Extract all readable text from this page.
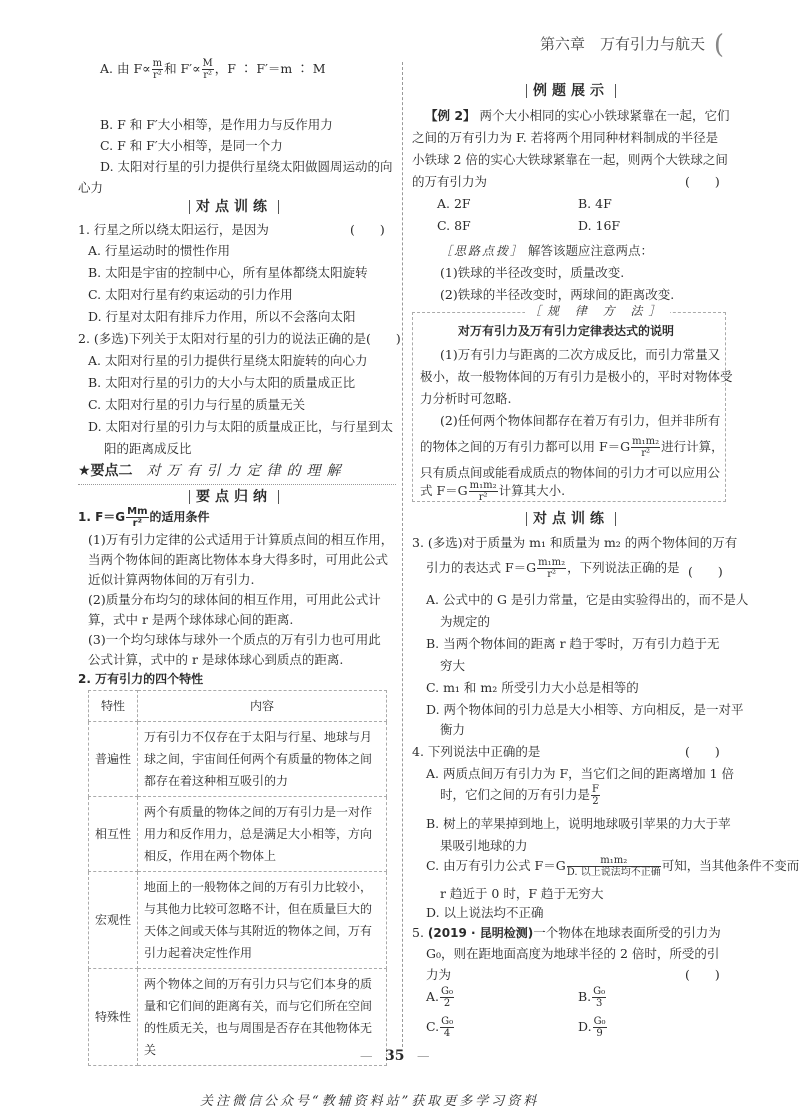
第六章　 万有引力与航天 (
A. 由 $F\propto \frac{m}{\text{r²}}$ 和 $F'\propto \frac{M}{\text{r²}}$ ，F ∶ F′＝m ∶ M
B. F 和 F′大小相等，是作用力与反作用力
C. F 和 F′大小相等，是同一个力
D. 太阳对行星的引力提供行星绕太阳做圆周运动的向
心力
对点训练
1. 行星之所以绕太阳运行，是因为	(　　)
A. 行星运动时的惯性作用
B. 太阳是宇宙的控制中心，所有星体都绕太阳旋转
C. 太阳对行星有约束运动的引力作用
D. 行星对太阳有排斥力作用，所以不会落向太阳
2. (多选)下列关于太阳对行星的引力的说法正确的是 (　　)
A. 太阳对行星的引力提供行星绕太阳旋转的向心力
B. 太阳对行星的引力的大小与太阳的质量成正比
C. 太阳对行星的引力与行星的质量无关
D. 太阳对行星的引力与太阳的质量成正比，与行星到太
阳的距离成反比
★要点二 对万有引力定律的理解
要点归纳
1. $F=G \frac{Mm}{\text{r²}}$ 的适用条件
(1)万有引力定律的公式适用于计算质点间的相互作用，
当两个物体间的距离比物体本身大得多时，可用此公式
近似计算两物体间的万有引力.
(2)质量分布均匀的球体间的相互作用，可用此公式计
算，式中 r 是两个球体球心间的距离.
(3)一个均匀球体与球外一个质点的万有引力也可用此
公式计算，式中的 r 是球体球心到质点的距离.
2. 万有引力的四个特性
特性	内容
普遍性	万有引力不仅存在于太阳与行星、地球与月球之间，宇宙间任何两个有质量的物体之间都存在着这种相互吸引的力
相互性	两个有质量的物体之间的万有引力是一对作用力和反作用力，总是满足大小相等，方向相反，作用在两个物体上
宏观性	地面上的一般物体之间的万有引力比较小，与其他力比较可忽略不计，但在质量巨大的天体之间或天体与其附近的物体之间，万有引力起着决定性作用
特殊性	两个物体之间的万有引力只与它们本身的质量和它们间的距离有关，而与它们所在空间的性质无关，也与周围是否存在其他物体无关
例题展示
【例 2】 两个大小相同的实心小铁球紧靠在一起，它们
之间的万有引力为 F. 若将两个用同种材料制成的半径是
小铁球 2 倍的实心大铁球紧靠在一起，则两个大铁球之间
的万有引力为	(　　)
A. 2F	B. 4F
C. 8F	D. 16F
［思路点拨］ 解答该题应注意两点：
(1)铁球的半径改变时，质量改变.
(2)铁球的半径改变时，两球间的距离改变.
［规 律 方 法］
对万有引力及万有引力定律表达式的说明
(1)万有引力与距离的二次方成反比，而引力常量又
极小，故一般物体间的万有引力是极小的，平时对物体受
力分析时可忽略.
(2)任何两个物体间都存在着万有引力，但并非所有
的物体之间的万有引力都可以用 $F=G \frac{\text{m₁m₂}}{\text{r²}}$ 进行计算，
只有质点间或能看成质点的物体间的引力才可以应用公
式 $F=G \frac{\text{m₁m₂}}{\text{r²}}$ 计算其大小.
对点训练
3. (多选)对于质量为 m₁ 和质量为 m₂ 的两个物体间的万有
引力的表达式 $F=G \frac{\text{m₁m₂}}{\text{r²}}$ ，下列说法正确的是 (　　)
A. 公式中的 G 是引力常量，它是由实验得出的，而不是人
为规定的
B. 当两个物体间的距离 r 趋于零时，万有引力趋于无
穷大
C. m₁ 和 m₂ 所受引力大小总是相等的
D. 两个物体间的引力总是大小相等、方向相反，是一对平
衡力
4. 下列说法中正确的是	(　　)
A. 两质点间万有引力为 F，当它们之间的距离增加 1 倍
时，它们之间的万有引力是 $\frac{F}{2}$
B. 树上的苹果掉到地上，说明地球吸引苹果的力大于苹
果吸引地球的力
C. 由万有引力公式 $F=G \frac{\text{m₁m₂}}{\text{D. 以上说法均不正确}}$ 可知，当其他条件不变而
r 趋近于 0 时，F 趋于无穷大
D. 以上说法均不正确
5. (2019 · 昆明检测)一个物体在地球表面所受的引力为
G₀，则在距地面高度为地球半径的 2 倍时，所受的引
力为	(　　)
A. $\frac{\text{G₀}}{2}$	B. $\frac{\text{G₀}}{3}$
C. $\frac{\text{G₀}}{4}$	D. $\frac{\text{G₀}}{9}$
—　35　—
关注微信公众号“教辅资料站”获取更多学习资料
